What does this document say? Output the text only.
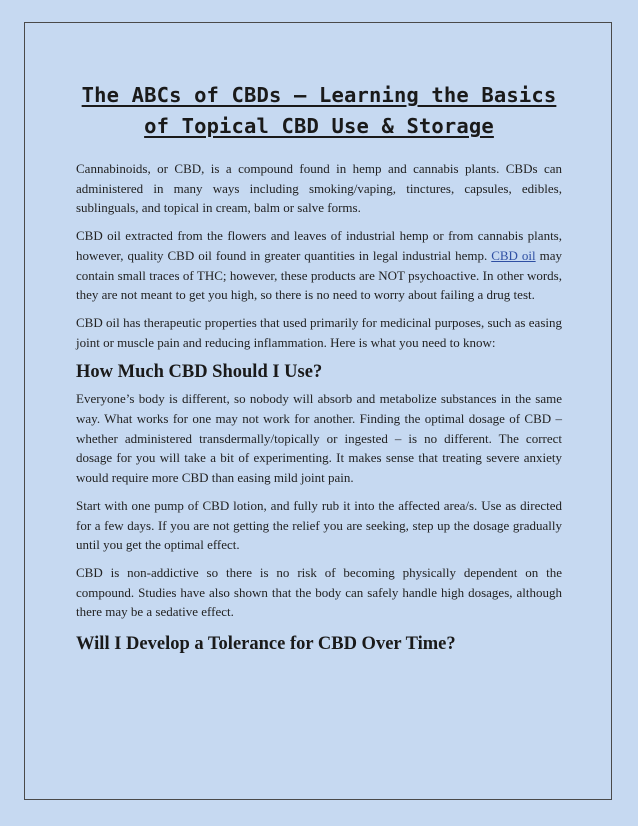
The ABCs of CBDs – Learning the Basics of Topical CBD Use & Storage

Cannabinoids, or CBD, is a compound found in hemp and cannabis plants. CBDs can administered in many ways including smoking/vaping, tinctures, capsules, edibles, sublinguals, and topical in cream, balm or salve forms.

CBD oil extracted from the flowers and leaves of industrial hemp or from cannabis plants, however, quality CBD oil found in greater quantities in legal industrial hemp. CBD oil may contain small traces of THC; however, these products are NOT psychoactive. In other words, they are not meant to get you high, so there is no need to worry about failing a drug test.

CBD oil has therapeutic properties that used primarily for medicinal purposes, such as easing joint or muscle pain and reducing inflammation. Here is what you need to know:

How Much CBD Should I Use?

Everyone’s body is different, so nobody will absorb and metabolize substances in the same way. What works for one may not work for another. Finding the optimal dosage of CBD – whether administered transdermally/topically or ingested – is no different. The correct dosage for you will take a bit of experimenting. It makes sense that treating severe anxiety would require more CBD than easing mild joint pain.

Start with one pump of CBD lotion, and fully rub it into the affected area/s. Use as directed for a few days. If you are not getting the relief you are seeking, step up the dosage gradually until you get the optimal effect.

CBD is non-addictive so there is no risk of becoming physically dependent on the compound. Studies have also shown that the body can safely handle high dosages, although there may be a sedative effect.

Will I Develop a Tolerance for CBD Over Time?
